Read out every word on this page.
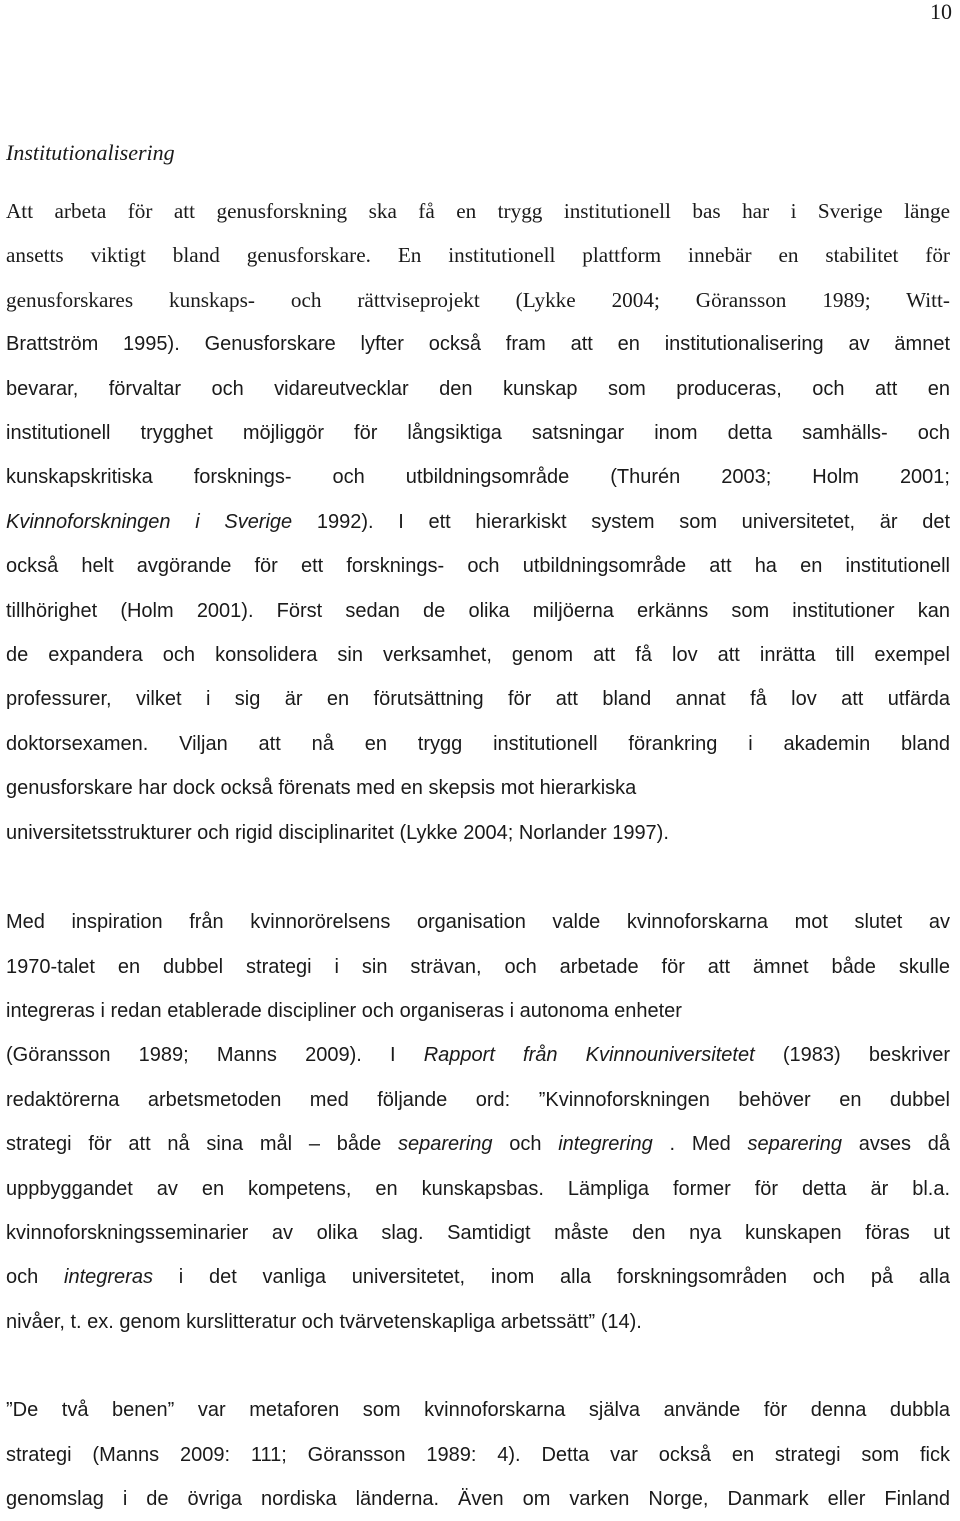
10
Institutionalisering
Att arbeta för att genusforskning ska få en trygg institutionell bas har i Sverige länge
ansetts viktigt bland genusforskare. En institutionell plattform innebär en stabilitet för
genusforskares kunskaps- och rättviseprojekt (Lykke 2004; Göransson 1989; Witt-
Brattström 1995). Genusforskare lyfter också fram att en institutionalisering av ämnet
bevarar, förvaltar och vidareutvecklar den kunskap som produceras, och att en
institutionell trygghet möjliggör för långsiktiga satsningar inom detta samhälls- och
kunskapskritiska forsknings- och utbildningsområde (Thurén 2003; Holm 2001;
Kvinnoforskningen i Sverige 1992). I ett hierarkiskt system som universitetet, är det
också helt avgörande för ett forsknings- och utbildningsområde att ha en institutionell
tillhörighet (Holm 2001). Först sedan de olika miljöerna erkänns som institutioner kan
de expandera och konsolidera sin verksamhet, genom att få lov att inrätta till exempel
professurer, vilket i sig är en förutsättning för att bland annat få lov att utfärda
doktorsexamen. Viljan att nå en trygg institutionell förankring i akademin bland
genusforskare har dock också förenats med en skepsis mot hierarkiska
universitetsstrukturer och rigid disciplinaritet (Lykke 2004; Norlander 1997).
Med inspiration från kvinnorörelsens organisation valde kvinnoforskarna mot slutet av
1970-talet en dubbel strategi i sin strävan, och arbetade för att ämnet både skulle
integreras i redan etablerade discipliner och organiseras i autonoma enheter
(Göransson 1989; Manns 2009). I Rapport från Kvinnouniversitetet (1983) beskriver
redaktörerna arbetsmetoden med följande ord: ”Kvinnoforskningen behöver en dubbel
strategi för att nå sina mål – både separering och integrering . Med separering avses då
uppbyggandet av en kompetens, en kunskapsbas. Lämpliga former för detta är bl.a.
kvinnoforskningsseminarier av olika slag. Samtidigt måste den nya kunskapen föras ut
och integreras i det vanliga universitetet, inom alla forskningsområden och på alla
nivåer, t. ex. genom kurslitteratur och tvärvetenskapliga arbetssätt” (14).
”De två benen” var metaforen som kvinnoforskarna själva använde för denna dubbla
strategi (Manns 2009: 111; Göransson 1989: 4). Detta var också en strategi som fick
genomslag i de övriga nordiska länderna. Även om varken Norge, Danmark eller Finland
